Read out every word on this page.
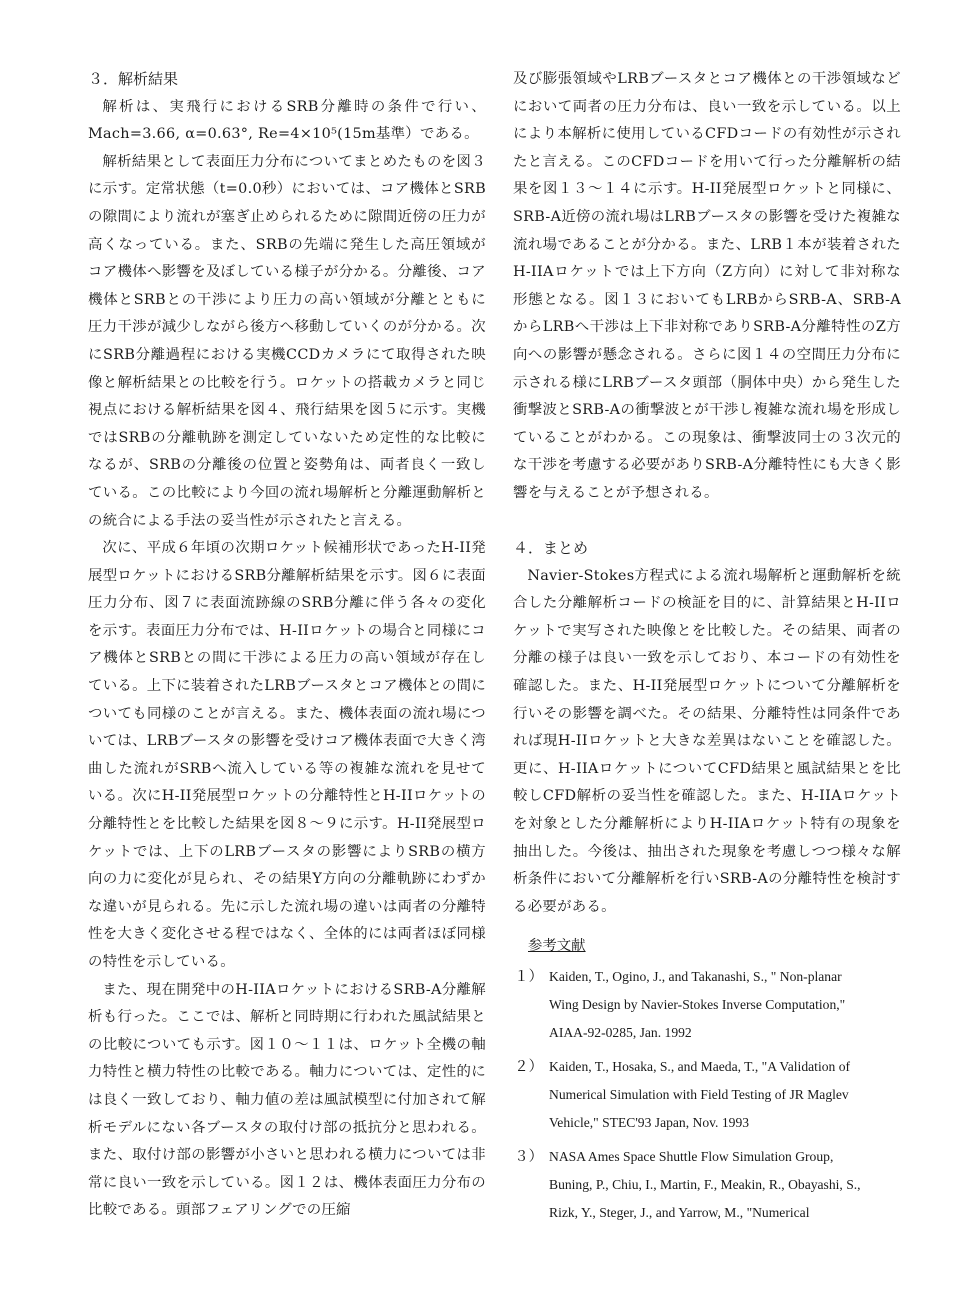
３．解析結果

解析は、実飛行におけるSRB分離時の条件で行い、Mach=3.66, α=0.63°, Re=4×10⁵(15m基準）である。

解析結果として表面圧力分布についてまとめたものを図３に示す。定常状態（t=0.0秒）においては、コア機体とSRBの隙間により流れが塞ぎ止められるために隙間近傍の圧力が高くなっている。また、SRBの先端に発生した高圧領域がコア機体へ影響を及ぼしている様子が分かる。分離後、コア機体とSRBとの干渉により圧力の高い領域が分離とともに圧力干渉が減少しながら後方へ移動していくのが分かる。次にSRB分離過程における実機CCDカメラにて取得された映像と解析結果との比較を行う。ロケットの搭載カメラと同じ視点における解析結果を図４、飛行結果を図５に示す。実機ではSRBの分離軌跡を測定していないため定性的な比較になるが、SRBの分離後の位置と姿勢角は、両者良く一致している。この比較により今回の流れ場解析と分離運動解析との統合による手法の妥当性が示されたと言える。

次に、平成６年頃の次期ロケット候補形状であったH-II発展型ロケットにおけるSRB分離解析結果を示す。図６に表面圧力分布、図７に表面流跡線のSRB分離に伴う各々の変化を示す。表面圧力分布では、H-IIロケットの場合と同様にコア機体とSRBとの間に干渉による圧力の高い領域が存在している。上下に装着されたLRBブースタとコア機体との間についても同様のことが言える。また、機体表面の流れ場については、LRBブースタの影響を受けコア機体表面で大きく湾曲した流れがSRBへ流入している等の複雑な流れを見せている。次にH-II発展型ロケットの分離特性とH-IIロケットの分離特性とを比較した結果を図８～９に示す。H-II発展型ロケットでは、上下のLRBブースタの影響によりSRBの横方向の力に変化が見られ、その結果Y方向の分離軌跡にわずかな違いが見られる。先に示した流れ場の違いは両者の分離特性を大きく変化させる程ではなく、全体的には両者ほぼ同様の特性を示している。

また、現在開発中のH-IIAロケットにおけるSRB-A分離解析も行った。ここでは、解析と同時期に行われた風試結果との比較についても示す。図１０～１１は、ロケット全機の軸力特性と横力特性の比較である。軸力については、定性的には良く一致しており、軸力値の差は風試模型に付加されて解析モデルにない各ブースタの取付け部の抵抗分と思われる。また、取付け部の影響が小さいと思われる横力については非常に良い一致を示している。図１２は、機体表面圧力分布の比較である。頭部フェアリングでの圧縮

及び膨張領域やLRBブースタとコア機体との干渉領域などにおいて両者の圧力分布は、良い一致を示している。以上により本解析に使用しているCFDコードの有効性が示されたと言える。このCFDコードを用いて行った分離解析の結果を図１３～１４に示す。H-II発展型ロケットと同様に、SRB-A近傍の流れ場はLRBブースタの影響を受けた複雑な流れ場であることが分かる。また、LRB１本が装着されたH-IIAロケットでは上下方向（Z方向）に対して非対称な形態となる。図１３においてもLRBからSRB-A、SRB-AからLRBへ干渉は上下非対称でありSRB-A分離特性のZ方向への影響が懸念される。さらに図１４の空間圧力分布に示される様にLRBブースタ頭部（胴体中央）から発生した衝撃波とSRB-Aの衝撃波とが干渉し複雑な流れ場を形成していることがわかる。この現象は、衝撃波同士の３次元的な干渉を考慮する必要がありSRB-A分離特性にも大きく影響を与えることが予想される。

４．まとめ

Navier-Stokes方程式による流れ場解析と運動解析を統合した分離解析コードの検証を目的に、計算結果とH-IIロケットで実写された映像とを比較した。その結果、両者の分離の様子は良い一致を示しており、本コードの有効性を確認した。また、H-II発展型ロケットについて分離解析を行いその影響を調べた。その結果、分離特性は同条件であれば現H-IIロケットと大きな差異はないことを確認した。更に、H-IIAロケットについてCFD結果と風試結果とを比較しCFD解析の妥当性を確認した。また、H-IIAロケットを対象とした分離解析によりH-IIAロケット特有の現象を抽出した。今後は、抽出された現象を考慮しつつ様々な解析条件において分離解析を行いSRB-Aの分離特性を検討する必要がある。

参考文献
１） Kaiden, T., Ogino, J., and Takanashi, S., " Non-planar
Wing Design by Navier-Stokes Inverse Computation,"
AIAA-92-0285, Jan. 1992
２） Kaiden, T., Hosaka, S., and Maeda, T., "A Validation of
Numerical Simulation with Field Testing of JR Maglev
Vehicle," STEC'93 Japan, Nov. 1993
３） NASA Ames Space Shuttle Flow Simulation Group,
Buning, P., Chiu, I., Martin, F., Meakin, R., Obayashi, S.,
Rizk, Y., Steger, J., and Yarrow, M., "Numerical
